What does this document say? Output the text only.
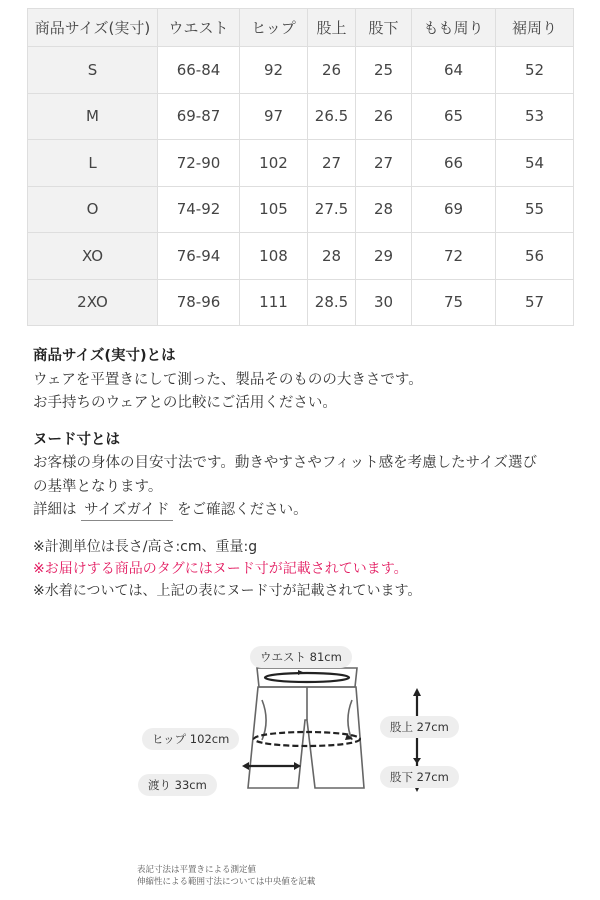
商品サイズ(実寸)	ウエスト	ヒップ	股上	股下	もも周り	裾周り
S	66-84	92	26	25	64	52
M	69-87	97	26.5	26	65	53
L	72-90	102	27	27	66	54
O	74-92	105	27.5	28	69	55
XO	76-94	108	28	29	72	56
2XO	78-96	111	28.5	30	75	57
商品サイズ(実寸)とは
ウェアを平置きにして測った、製品そのものの大きさです。
お手持ちのウェアとの比較にご活用ください。
ヌード寸とは
お客様の身体の目安寸法です。動きやすさやフィット感を考慮したサイズ選び
の基準となります。
詳細は サイズガイド をご確認ください。
※計測単位は長さ/高さ:cm、重量:g
※お届けする商品のタグにはヌード寸が記載されています。
※水着については、上記の表にヌード寸が記載されています。
ウエスト 81cm
ヒップ 102cm
股上 27cm
股下 27cm
渡り 33cm
表記寸法は平置きによる測定値
伸縮性による範囲寸法については中央値を記載
